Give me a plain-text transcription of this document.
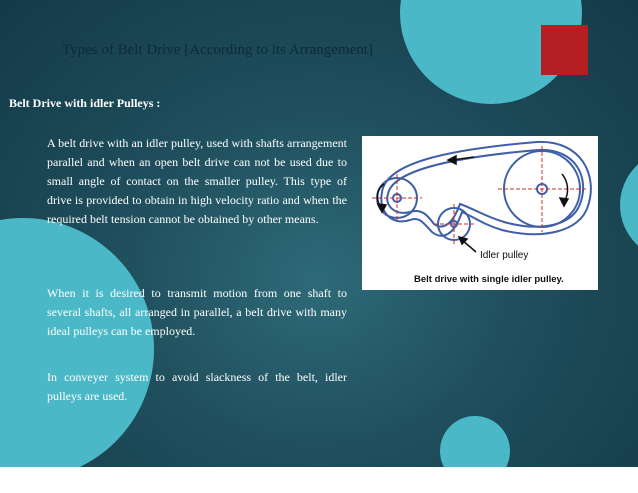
Types of Belt Drive [According to its Arrangement]
Belt Drive with idler Pulleys :

A belt drive with an idler pulley, used with shafts arrangement parallel and when an open belt drive can not be used due to small angle of contact on the smaller pulley. This type of drive is provided to obtain in high velocity ratio and when the required belt tension cannot be obtained by other means.

When it is desired to transmit motion from one shaft to several shafts, all arranged in parallel, a belt drive with many ideal pulleys can be employed.

In conveyer system to avoid slackness of the belt, idler pulleys are used.

Idler pulley
Belt drive with single idler pulley.
